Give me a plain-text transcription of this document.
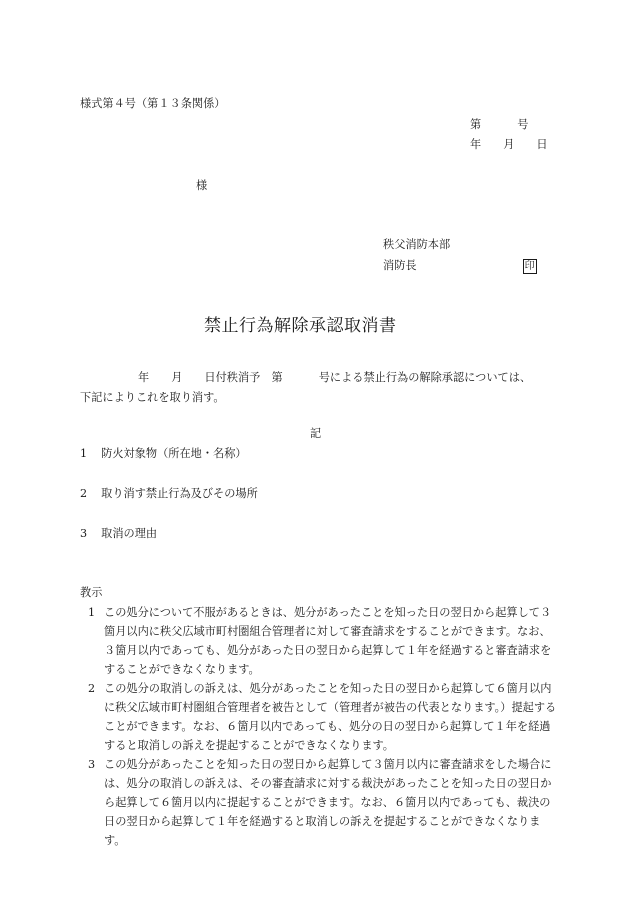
様式第４号（第１３条関係）
第	号
年 月 日
様
秩父消防本部
消防長	印
禁止行為解除承認取消書
年 月 日付秩消予　第	号による禁止行為の解除承認については、
下記によりこれを取り消す。
記
1 防火対象物（所在地・名称）
2 取り消す禁止行為及びその場所
3 取消の理由
教示
1 この処分について不服があるときは、処分があったことを知った日の翌日から起算して３箇月以内に秩父広域市町村圏組合管理者に対して審査請求をすることができます。なお、３箇月以内であっても、処分があった日の翌日から起算して１年を経過すると審査請求をすることができなくなります。
2 この処分の取消しの訴えは、処分があったことを知った日の翌日から起算して６箇月以内に秩父広域市町村圏組合管理者を被告として（管理者が被告の代表となります。）提起することができます。なお、６箇月以内であっても、処分の日の翌日から起算して１年を経過すると取消しの訴えを提起することができなくなります。
3 この処分があったことを知った日の翌日から起算して３箇月以内に審査請求をした場合には、処分の取消しの訴えは、その審査請求に対する裁決があったことを知った日の翌日から起算して６箇月以内に提起することができます。なお、６箇月以内であっても、裁決の日の翌日から起算して１年を経過すると取消しの訴えを提起することができなくなります。
